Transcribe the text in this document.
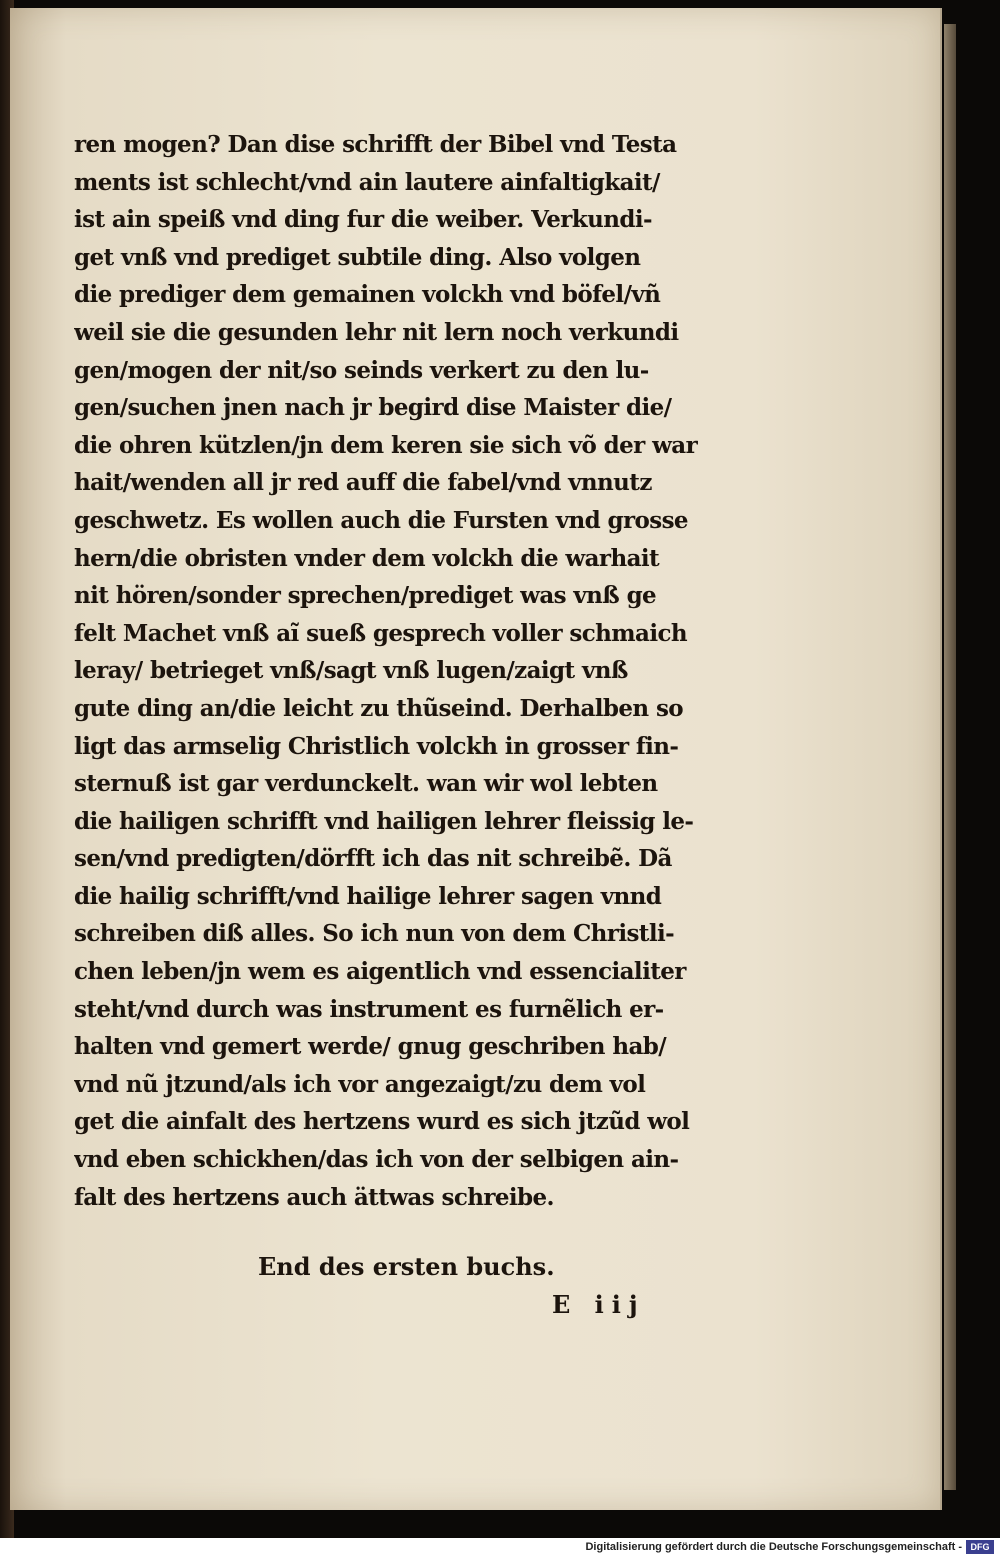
ren mogen? Dan dise schrifft der Bibel vnd Testa
ments ist schlecht/vnd ain lautere ainfaltigkait/
ist ain speiß vnd ding fur die weiber. Verkundi-
get vnß vnd prediget subtile ding. Also volgen
die prediger dem gemainen volckh vnd böfel/vñ
weil sie die gesunden lehr nit lern noch verkundi
gen/mogen der nit/so seinds verkert zu den lu-
gen/suchen jnen nach jr begird dise Maister die/
die ohren kützlen/jn dem keren sie sich võ der war
hait/wenden all jr red auff die fabel/vnd vnnutz
geschwetz. Es wollen auch die Fursten vnd grosse
hern/die obristen vnder dem volckh die warhait
nit hören/sonder sprechen/prediget was vnß ge
felt Machet vnß aĩ sueß gesprech voller schmaich
leray/ betrieget vnß/sagt vnß lugen/zaigt vnß
gute ding an/die leicht zu thũseind. Derhalben so
ligt das armselig Christlich volckh in grosser fin-
sternuß ist gar verdunckelt. wan wir wol lebten
die hailigen schrifft vnd hailigen lehrer fleissig le-
sen/vnd predigten/dörfft ich das nit schreibẽ. Dã
die hailig schrifft/vnd hailige lehrer sagen vnnd
schreiben diß alles. So ich nun von dem Christli-
chen leben/jn wem es aigentlich vnd essencialiter
steht/vnd durch was instrument es furnẽlich er-
halten vnd gemert werde/ gnug geschriben hab/
vnd nũ jtzund/als ich vor angezaigt/zu dem vol
get die ainfalt des hertzens wurd es sich jtzũd wol
vnd eben schickhen/das ich von der selbigen ain-
falt des hertzens auch ättwas schreibe.
End des ersten buchs.
E iij
Digitalisierung gefördert durch die Deutsche Forschungsgemeinschaft - DFG
